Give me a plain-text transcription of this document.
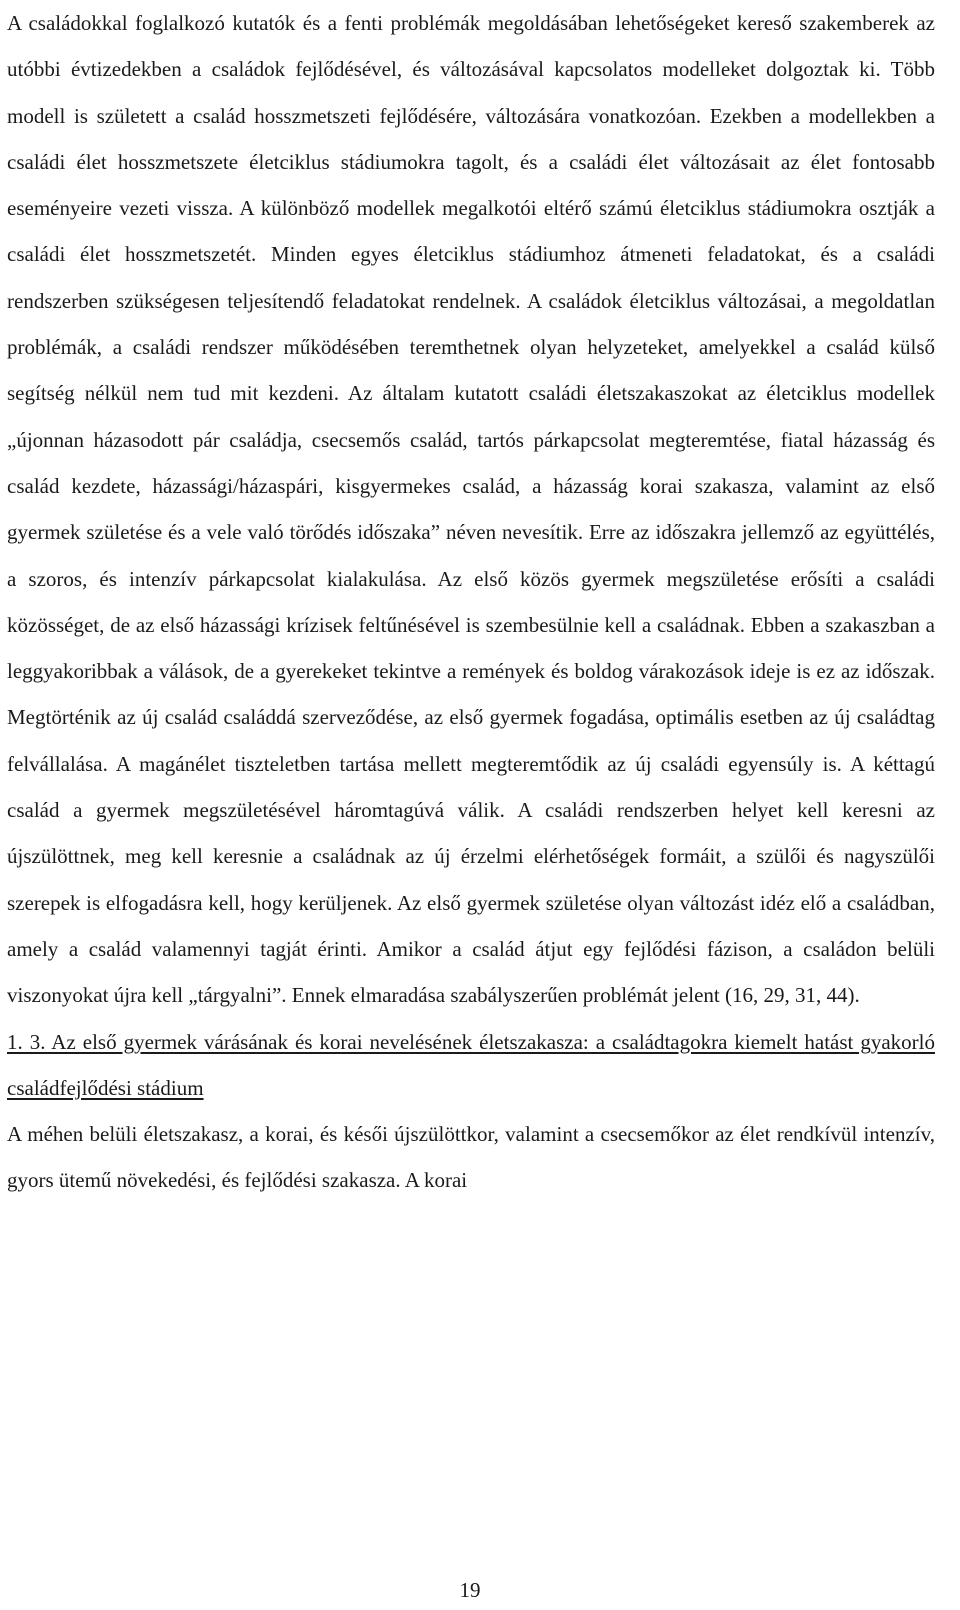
A családokkal foglalkozó kutatók és a fenti problémák megoldásában lehetőségeket kereső szakemberek az utóbbi évtizedekben a családok fejlődésével, és változásával kapcsolatos modelleket dolgoztak ki. Több modell is született a család hosszmetszeti fejlődésére, változására vonatkozóan. Ezekben a modellekben a családi élet hosszmetszete életciklus stádiumokra tagolt, és a családi élet változásait az élet fontosabb eseményeire vezeti vissza. A különböző modellek megalkotói eltérő számú életciklus stádiumokra osztják a családi élet hosszmetszetét. Minden egyes életciklus stádiumhoz átmeneti feladatokat, és a családi rendszerben szükségesen teljesítendő feladatokat rendelnek. A családok életciklus változásai, a megoldatlan problémák, a családi rendszer működésében teremthetnek olyan helyzeteket, amelyekkel a család külső segítség nélkül nem tud mit kezdeni. Az általam kutatott családi életszakaszokat az életciklus modellek „újonnan házasodott pár családja, csecsemős család, tartós párkapcsolat megteremtése, fiatal házasság és család kezdete, házassági/házaspári, kisgyermekes család, a házasság korai szakasza, valamint az első gyermek születése és a vele való törődés időszaka” néven nevesítik. Erre az időszakra jellemző az együttélés, a szoros, és intenzív párkapcsolat kialakulása. Az első közös gyermek megszületése erősíti a családi közösséget, de az első házassági krízisek feltűnésével is szembesülnie kell a családnak. Ebben a szakaszban a leggyakoribbak a válások, de a gyerekeket tekintve a remények és boldog várakozások ideje is ez az időszak. Megtörténik az új család családdá szerveződése, az első gyermek fogadása, optimális esetben az új családtag felvállalása. A magánélet tiszteletben tartása mellett megteremtődik az új családi egyensúly is. A kéttagú család a gyermek megszületésével háromtagúvá válik. A családi rendszerben helyet kell keresni az újszülöttnek, meg kell keresnie a családnak az új érzelmi elérhetőségek formáit, a szülői és nagyszülői szerepek is elfogadásra kell, hogy kerüljenek. Az első gyermek születése olyan változást idéz elő a családban, amely a család valamennyi tagját érinti. Amikor a család átjut egy fejlődési fázison, a családon belüli viszonyokat újra kell „tárgyalni”. Ennek elmaradása szabályszerűen problémát jelent (16, 29, 31, 44).

1. 3. Az első gyermek várásának és korai nevelésének életszakasza: a családtagokra kiemelt hatást gyakorló családfejlődési stádium

A méhen belüli életszakasz, a korai, és késői újszülöttkor, valamint a csecsemőkor az élet rendkívül intenzív, gyors ütemű növekedési, és fejlődési szakasza. A korai

19
